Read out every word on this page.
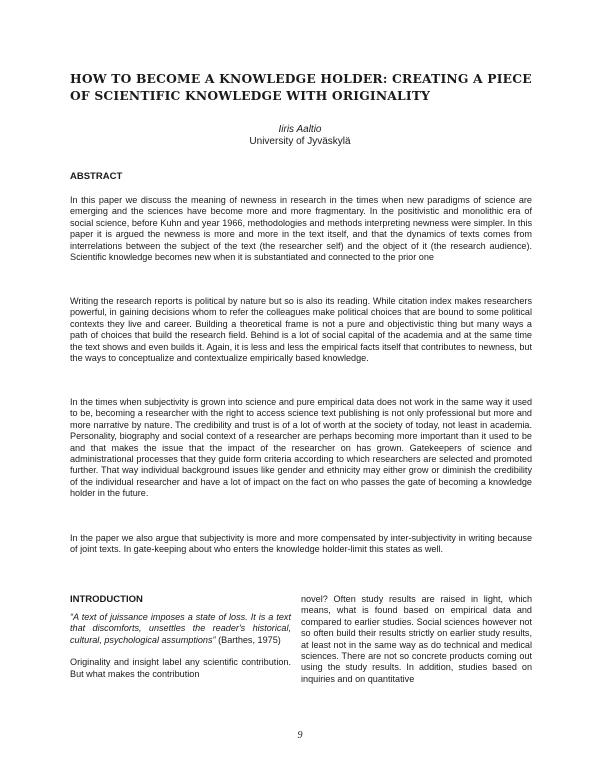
HOW TO BECOME A KNOWLEDGE HOLDER: CREATING A PIECE OF SCIENTIFIC KNOWLEDGE WITH ORIGINALITY
Iiris Aaltio
University of Jyväskylä
ABSTRACT

In this paper we discuss the meaning of newness in research in the times when new paradigms of science are emerging and the sciences have become more and more fragmentary. In the positivistic and monolithic era of social science, before Kuhn and year 1966, methodologies and methods interpreting newness were simpler. In this paper it is argued the newness is more and more in the text itself, and that the dynamics of texts comes from interrelations between the subject of the text (the researcher self) and the object of it (the research audience). Scientific knowledge becomes new when it is substantiated and connected to the prior one

Writing the research reports is political by nature but so is also its reading. While citation index makes researchers powerful, in gaining decisions whom to refer the colleagues make political choices that are bound to some political contexts they live and career. Building a theoretical frame is not a pure and objectivistic thing but many ways a path of choices that build the research field. Behind is a lot of social capital of the academia and at the same time the text shows and even builds it. Again, it is less and less the empirical facts itself that contributes to newness, but the ways to conceptualize and contextualize empirically based knowledge.

In the times when subjectivity is grown into science and pure empirical data does not work in the same way it used to be, becoming a researcher with the right to access science text publishing is not only professional but more and more narrative by nature. The credibility and trust is of a lot of worth at the society of today, not least in academia. Personality, biography and social context of a researcher are perhaps becoming more important than it used to be and that makes the issue that the impact of the researcher on has grown. Gatekeepers of science and administrational processes that they guide form criteria according to which researchers are selected and promoted further. That way individual background issues like gender and ethnicity may either grow or diminish the credibility of the individual researcher and have a lot of impact on the fact on who passes the gate of becoming a knowledge holder in the future.

In the paper we also argue that subjectivity is more and more compensated by inter-subjectivity in writing because of joint texts. In gate-keeping about who enters the knowledge holder-limit this states as well.

INTRODUCTION
“A text of juissance imposes a state of loss. It is a text that discomforts, unsettles the reader's historical, cultural, psychological assumptions” (Barthes, 1975)
Originality and insight label any scientific contribution. But what makes the contribution
novel? Often study results are raised in light, which means, what is found based on empirical data and compared to earlier studies. Social sciences however not so often build their results strictly on earlier study results, at least not in the same way as do technical and medical sciences. There are not so concrete products coming out using the study results. In addition, studies based on inquiries and on quantitative
9
